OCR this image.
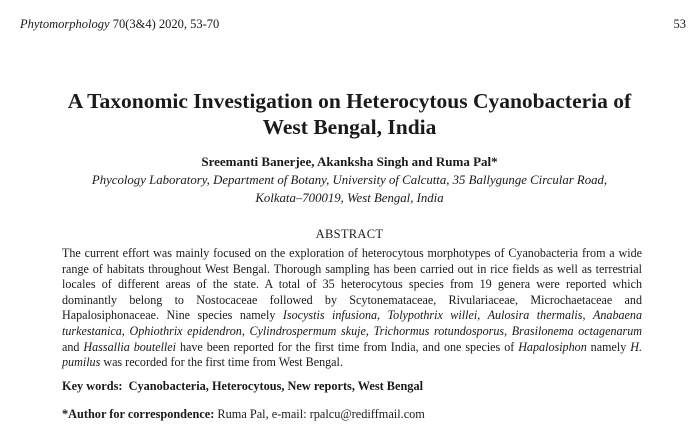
Phytomorphology 70(3&4) 2020, 53-70	53
A Taxonomic Investigation on Heterocytous Cyanobacteria of
West Bengal, India
Sreemanti Banerjee, Akanksha Singh and Ruma Pal*
Phycology Laboratory, Department of Botany, University of Calcutta, 35 Ballygunge Circular Road,
Kolkata–700019, West Bengal, India
ABSTRACT

The current effort was mainly focused on the exploration of heterocytous morphotypes of Cyanobacteria from a wide range of habitats throughout West Bengal. Thorough sampling has been carried out in rice fields as well as terrestrial locales of different areas of the state. A total of 35 heterocytous species from 19 genera were reported which dominantly belong to Nostocaceae followed by Scytonemataceae, Rivulariaceae, Microchaetaceae and Hapalosiphonaceae. Nine species namely Isocystis infusiona, Tolypothrix willei, Aulosira thermalis, Anabaena turkestanica, Ophiothrix epidendron, Cylindrospermum skuje, Trichormus rotundosporus, Brasilonema octagenarum and Hassallia boutellei have been reported for the first time from India, and one species of Hapalosiphon namely H. pumilus was recorded for the first time from West Bengal.

Key words: Cyanobacteria, Heterocytous, New reports, West Bengal
*Author for correspondence: Ruma Pal, e-mail: rpalcu@rediffmail.com
